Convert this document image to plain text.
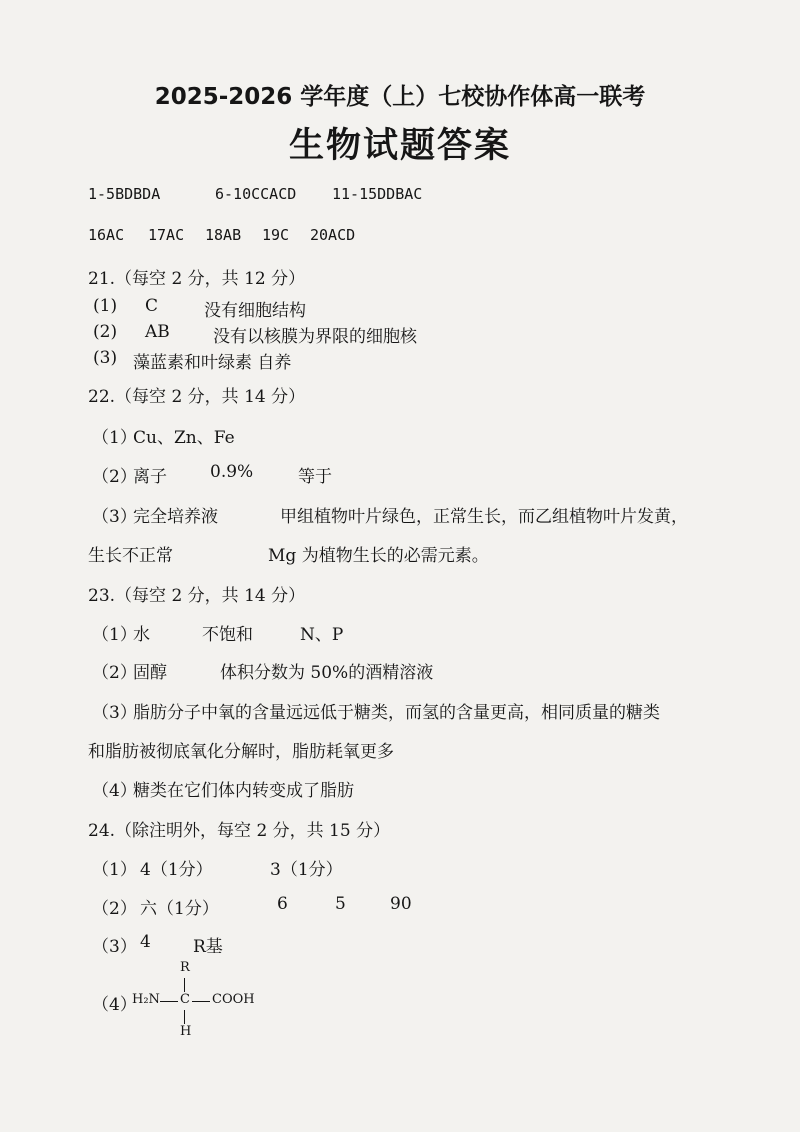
2025-2026 学年度（上）七校协作体高一联考
生物试题答案
1-5BDBDA	6-10CCACD 11-15DDBAC
16AC 17AC 18AB 19C 20ACD
21.（每空 2 分，共 12 分）
(1) C	没有细胞结构
(2) AB	没有以核膜为界限的细胞核
(3) 藻蓝素和叶绿素 自养
22.（每空 2 分，共 14 分）
（1）
Cu、Zn、Fe
（2）
离子	0.9%	等于
（3）
完全培养液	甲组植物叶片绿色，正常生长，而乙组植物叶片发黄，
生长不正常	Mg 为植物生长的必需元素。
23.（每空 2 分，共 14 分）
（1）
水	不饱和	N、P
（2）
固醇	体积分数为 50%的酒精溶液
（3）
脂肪分子中氧的含量远远低于糖类，而氢的含量更高，相同质量的糖类
和脂肪被彻底氧化分解时，脂肪耗氧更多
（4）
糖类在它们体内转变成了脂肪
24.（除注明外，每空 2 分，共 15 分）
（1） 4（1分）	3（1分）
（2） 六（1分）	6	5	90
（3） 4 R基
（4）
R
H₂N C COOH
H
